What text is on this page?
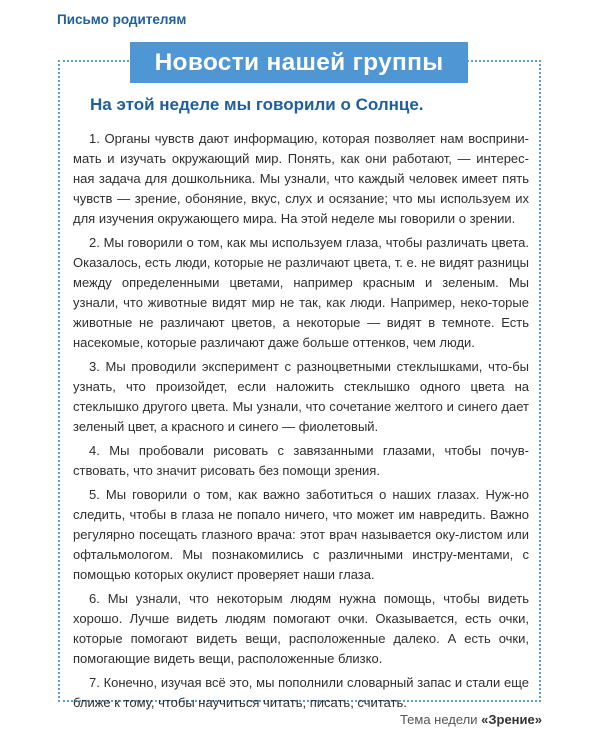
Письмо родителям
Новости нашей группы
На этой неделе мы говорили о Солнце.

1. Органы чувств дают информацию, которая позволяет нам восприни-мать и изучать окружающий мир. Понять, как они работают, — интерес-ная задача для дошкольника. Мы узнали, что каждый человек имеет пять чувств — зрение, обоняние, вкус, слух и осязание; что мы используем их для изучения окружающего мира. На этой неделе мы говорили о зрении.

2. Мы говорили о том, как мы используем глаза, чтобы различать цвета. Оказалось, есть люди, которые не различают цвета, т. е. не видят разницы между определенными цветами, например красным и зеленым. Мы узнали, что животные видят мир не так, как люди. Например, неко-торые животные не различают цветов, а некоторые — видят в темноте. Есть насекомые, которые различают даже больше оттенков, чем люди.

3. Мы проводили эксперимент с разноцветными стеклышками, что-бы узнать, что произойдет, если наложить стеклышко одного цвета на стеклышко другого цвета. Мы узнали, что сочетание желтого и синего дает зеленый цвет, а красного и синего — фиолетовый.

4. Мы пробовали рисовать с завязанными глазами, чтобы почув-ствовать, что значит рисовать без помощи зрения.

5. Мы говорили о том, как важно заботиться о наших глазах. Нуж-но следить, чтобы в глаза не попало ничего, что может им навредить. Важно регулярно посещать глазного врача: этот врач называется оку-листом или офтальмологом. Мы познакомились с различными инстру-ментами, с помощью которых окулист проверяет наши глаза.

6. Мы узнали, что некоторым людям нужна помощь, чтобы видеть хорошо. Лучше видеть людям помогают очки. Оказывается, есть очки, которые помогают видеть вещи, расположенные далеко. А есть очки, помогающие видеть вещи, расположенные близко.

7. Конечно, изучая всё это, мы пополнили словарный запас и стали еще ближе к тому, чтобы научиться читать, писать, считать.

Тема недели «Зрение»
